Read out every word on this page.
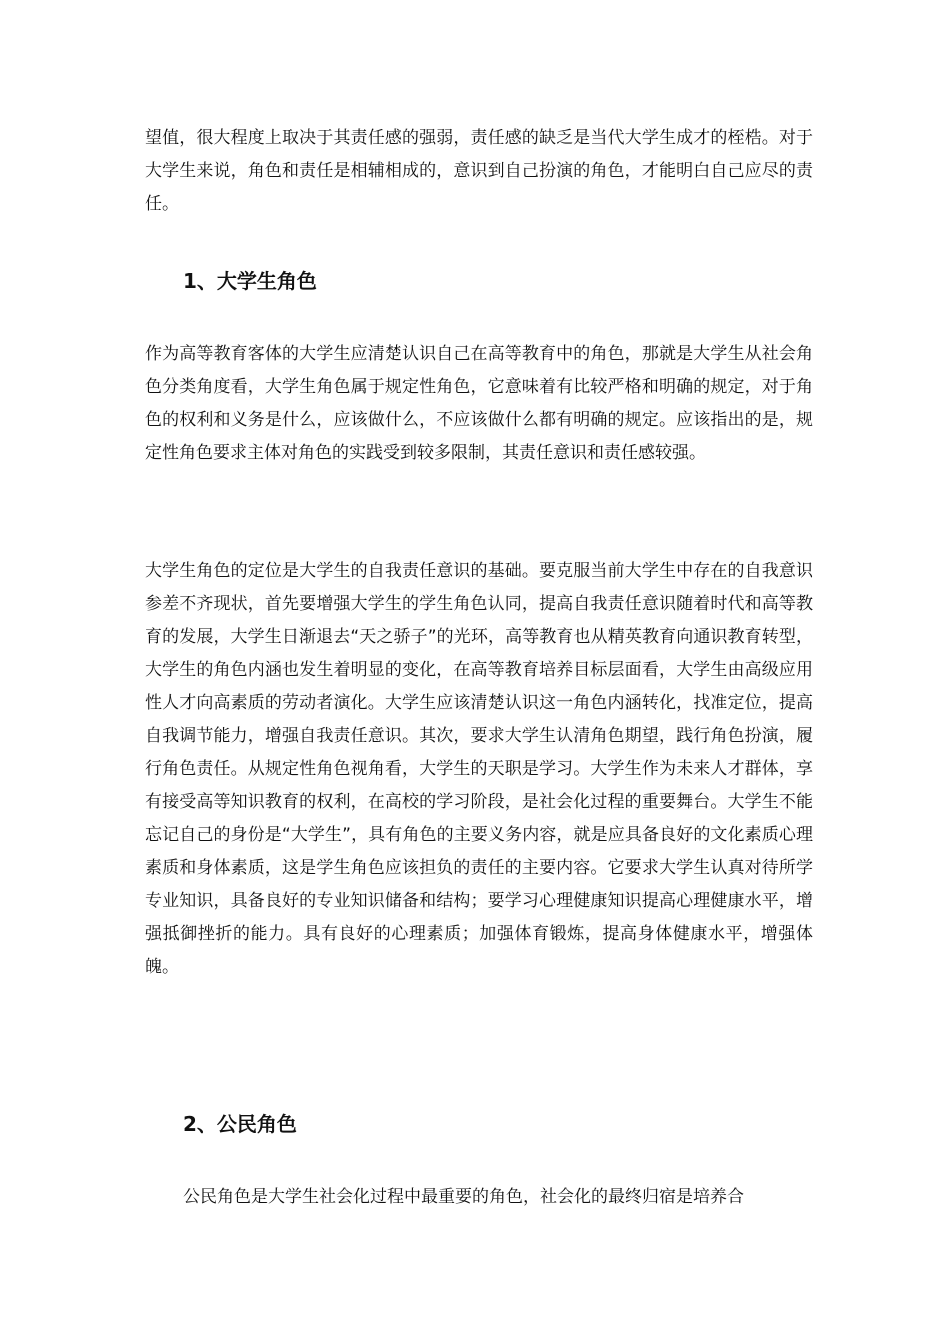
望值，很大程度上取决于其责任感的强弱，责任感的缺乏是当代大学生成才的桎梏。对于大学生来说，角色和责任是相辅相成的，意识到自己扮演的角色，才能明白自己应尽的责任。

1、大学生角色

作为高等教育客体的大学生应清楚认识自己在高等教育中的角色，那就是大学生从社会角色分类角度看，大学生角色属于规定性角色，它意味着有比较严格和明确的规定，对于角色的权利和义务是什么，应该做什么，不应该做什么都有明确的规定。应该指出的是，规定性角色要求主体对角色的实践受到较多限制，其责任意识和责任感较强。

大学生角色的定位是大学生的自我责任意识的基础。要克服当前大学生中存在的自我意识参差不齐现状，首先要增强大学生的学生角色认同，提高自我责任意识随着时代和高等教育的发展，大学生日渐退去“天之骄子”的光环，高等教育也从精英教育向通识教育转型，大学生的角色内涵也发生着明显的变化，在高等教育培养目标层面看，大学生由高级应用性人才向高素质的劳动者演化。大学生应该清楚认识这一角色内涵转化，找准定位，提高自我调节能力，增强自我责任意识。其次，要求大学生认清角色期望，践行角色扮演，履行角色责任。从规定性角色视角看，大学生的天职是学习。大学生作为未来人才群体，享有接受高等知识教育的权利，在高校的学习阶段，是社会化过程的重要舞台。大学生不能忘记自己的身份是“大学生”，具有角色的主要义务内容，就是应具备良好的文化素质心理素质和身体素质，这是学生角色应该担负的责任的主要内容。它要求大学生认真对待所学专业知识，具备良好的专业知识储备和结构；要学习心理健康知识提高心理健康水平，增强抵御挫折的能力。具有良好的心理素质；加强体育锻炼，提高身体健康水平，增强体魄。

2、公民角色

公民角色是大学生社会化过程中最重要的角色，社会化的最终归宿是培养合
